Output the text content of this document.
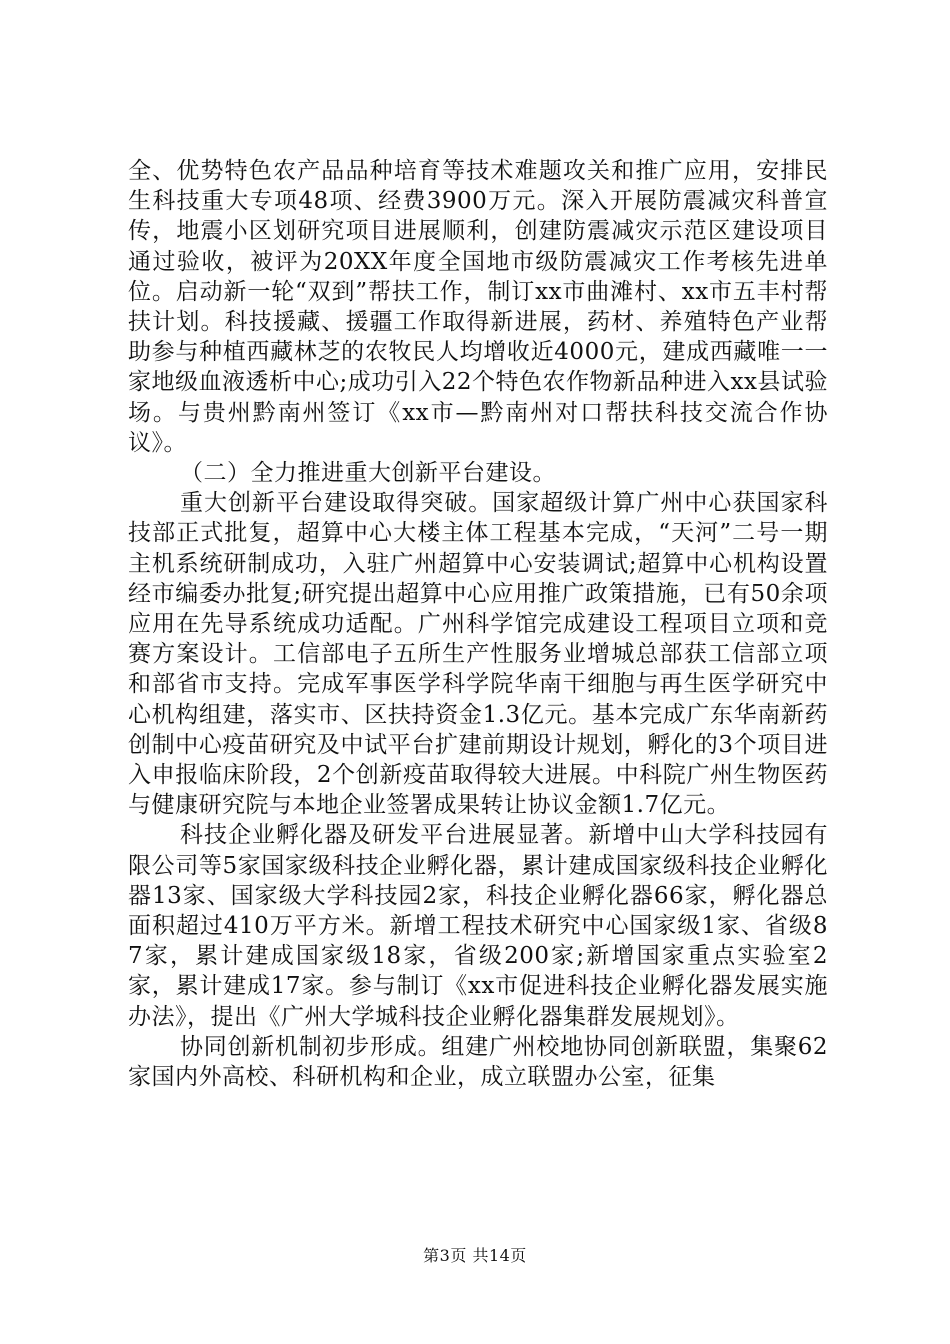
全、优势特色农产品品种培育等技术难题攻关和推广应用，安排民生科技重大专项48项、经费3900万元。深入开展防震减灾科普宣传，地震小区划研究项目进展顺利，创建防震减灾示范区建设项目通过验收，被评为20XX年度全国地市级防震减灾工作考核先进单位。启动新一轮“双到”帮扶工作，制订xx市曲滩村、xx市五丰村帮扶计划。科技援藏、援疆工作取得新进展，药材、养殖特色产业帮助参与种植西藏林芝的农牧民人均增收近4000元，建成西藏唯一一家地级血液透析中心;成功引入22个特色农作物新品种进入xx县试验场。与贵州黔南州签订《xx市—黔南州对口帮扶科技交流合作协议》。

（二）全力推进重大创新平台建设。

重大创新平台建设取得突破。国家超级计算广州中心获国家科技部正式批复，超算中心大楼主体工程基本完成，“天河”二号一期主机系统研制成功，入驻广州超算中心安装调试;超算中心机构设置经市编委办批复;研究提出超算中心应用推广政策措施，已有50余项应用在先导系统成功适配。广州科学馆完成建设工程项目立项和竞赛方案设计。工信部电子五所生产性服务业增城总部获工信部立项和部省市支持。完成军事医学科学院华南干细胞与再生医学研究中心机构组建，落实市、区扶持资金1.3亿元。基本完成广东华南新药创制中心疫苗研究及中试平台扩建前期设计规划，孵化的3个项目进入申报临床阶段，2个创新疫苗取得较大进展。中科院广州生物医药与健康研究院与本地企业签署成果转让协议金额1.7亿元。

科技企业孵化器及研发平台进展显著。新增中山大学科技园有限公司等5家国家级科技企业孵化器，累计建成国家级科技企业孵化器13家、国家级大学科技园2家，科技企业孵化器66家，孵化器总面积超过410万平方米。新增工程技术研究中心国家级1家、省级87家，累计建成国家级18家，省级200家;新增国家重点实验室2家，累计建成17家。参与制订《xx市促进科技企业孵化器发展实施办法》，提出《广州大学城科技企业孵化器集群发展规划》。

协同创新机制初步形成。组建广州校地协同创新联盟，集聚62家国内外高校、科研机构和企业，成立联盟办公室，征集

第3页 共14页
